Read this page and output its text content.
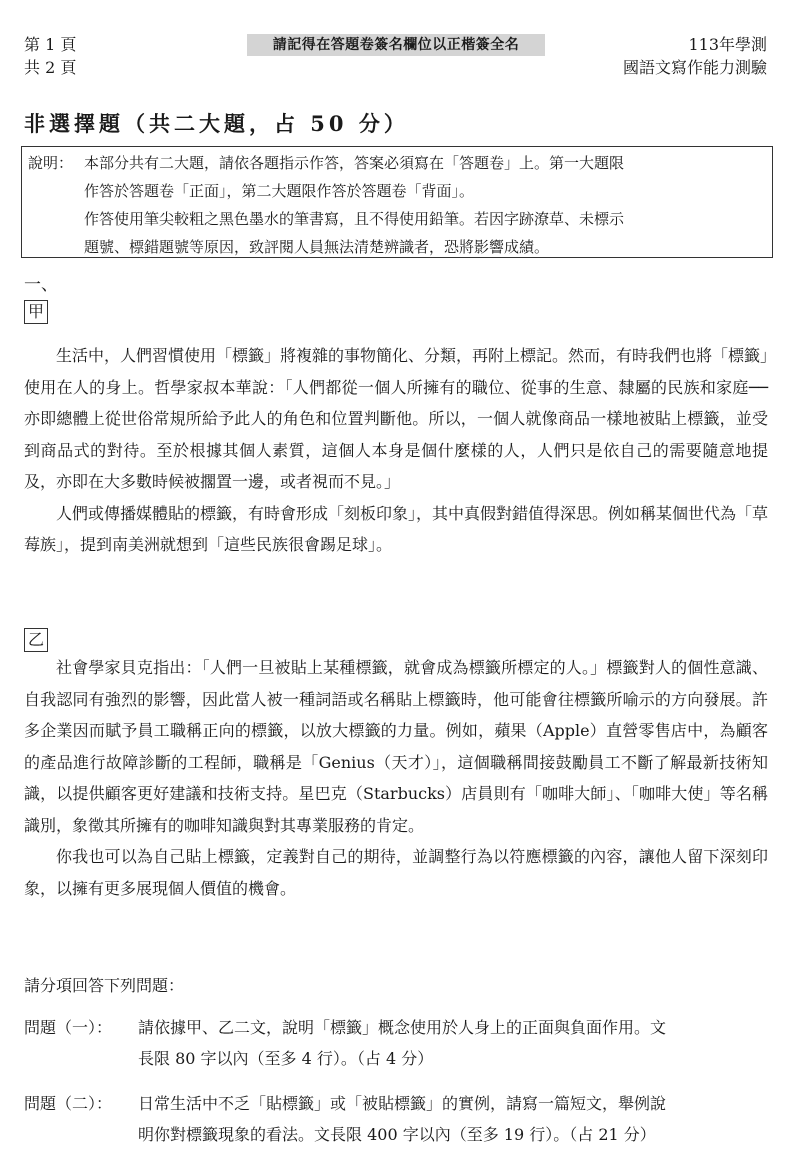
第 1 頁
共 2 頁
請記得在答題卷簽名欄位以正楷簽全名	113年學測
國語文寫作能力測驗
非選擇題（共二大題，占 50 分）
說明： 本部分共有二大題，請依各題指示作答，答案必須寫在「答題卷」上。第一大題限
作答於答題卷「正面」，第二大題限作答於答題卷「背面」。
作答使用筆尖較粗之黑色墨水的筆書寫，且不得使用鉛筆。若因字跡潦草、未標示
題號、標錯題號等原因，致評閱人員無法清楚辨識者，恐將影響成績。
一、
甲

生活中，人們習慣使用「標籤」將複雜的事物簡化、分類，再附上標記。然而，有時我們也將「標籤」使用在人的身上。哲學家叔本華說：「人們都從一個人所擁有的職位、從事的生意、隸屬的民族和家庭── 亦即總體上從世俗常規所給予此人的角色和位置判斷他。所以，一個人就像商品一樣地被貼上標籤，並受到商品式的對待。至於根據其個人素質，這個人本身是個什麼樣的人，人們只是依自己的需要隨意地提及，亦即在大多數時候被擱置一邊，或者視而不見。」

人們或傳播媒體貼的標籤，有時會形成「刻板印象」，其中真假對錯值得深思。例如稱某個世代為「草莓族」，提到南美洲就想到「這些民族很會踢足球」。

乙

社會學家貝克指出：「人們一旦被貼上某種標籤，就會成為標籤所標定的人。」標籤對人的個性意識、自我認同有強烈的影響，因此當人被一種詞語或名稱貼上標籤時，他可能會往標籤所喻示的方向發展。許多企業因而賦予員工職稱正向的標籤，以放大標籤的力量。例如，蘋果（Apple）直營零售店中，為顧客的產品進行故障診斷的工程師，職稱是「Genius（天才）」，這個職稱間接鼓勵員工不斷了解最新技術知識，以提供顧客更好建議和技術支持。星巴克（Starbucks）店員則有「咖啡大師」、「咖啡大使」等名稱識別，象徵其所擁有的咖啡知識與對其專業服務的肯定。

你我也可以為自己貼上標籤，定義對自己的期待，並調整行為以符應標籤的內容，讓他人留下深刻印象，以擁有更多展現個人價值的機會。

請分項回答下列問題：
問題（一）： 請依據甲、乙二文，說明「標籤」概念使用於人身上的正面與負面作用。文
長限 80 字以內（至多 4 行）。（占 4 分）
問題（二）： 日常生活中不乏「貼標籤」或「被貼標籤」的實例，請寫一篇短文，舉例說
明你對標籤現象的看法。文長限 400 字以內（至多 19 行）。（占 21 分）
